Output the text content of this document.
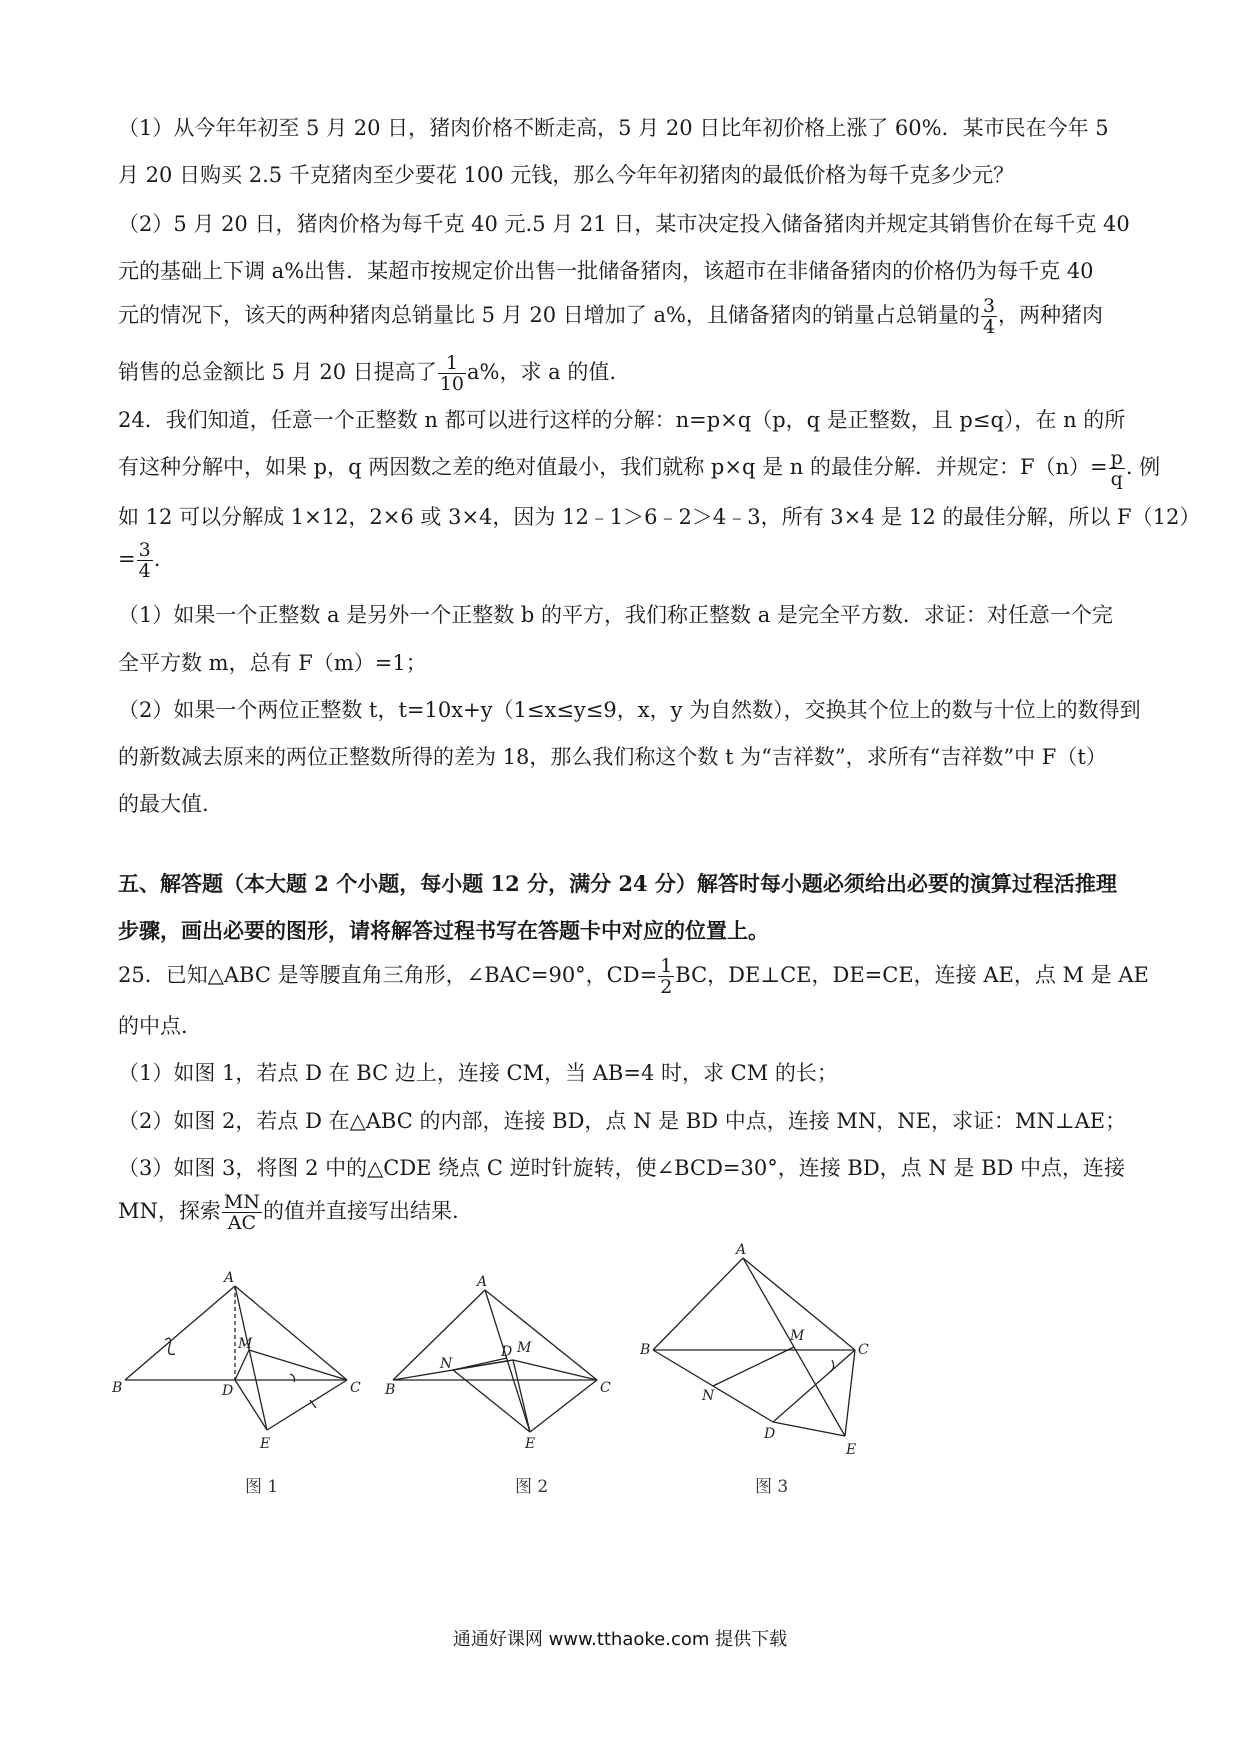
（1）从今年年初至 5 月 20 日，猪肉价格不断走高，5 月 20 日比年初价格上涨了 60%．某市民在今年 5
月 20 日购买 2.5 千克猪肉至少要花 100 元钱，那么今年年初猪肉的最低价格为每千克多少元？
（2）5 月 20 日，猪肉价格为每千克 40 元.5 月 21 日，某市决定投入储备猪肉并规定其销售价在每千克 40
元的基础上下调 a%出售．某超市按规定价出售一批储备猪肉，该超市在非储备猪肉的价格仍为每千克 40
元的情况下，该天的两种猪肉总销量比 5 月 20 日增加了 a%，且储备猪肉的销量占总销量的 $\frac{3}{4}$ ，两种猪肉
销售的总金额比 5 月 20 日提高了 $\frac{1}{10} a\%$，求 a 的值.
24．我们知道，任意一个正整数 n 都可以进行这样的分解：n=p×q（p，q 是正整数，且 p≤q），在 n 的所
有这种分解中，如果 p，q 两因数之差的绝对值最小，我们就称 p×q 是 n 的最佳分解．并规定：$F(n)= \frac{p}{q}$ . 例
如 12 可以分解成 1×12，2×6 或 3×4，因为 12﹣1＞6﹣2＞4﹣3，所有 3×4 是 12 的最佳分解，所以 F（12）
= $\frac{3}{4}$ .
（1）如果一个正整数 a 是另外一个正整数 b 的平方，我们称正整数 a 是完全平方数．求证：对任意一个完
全平方数 m，总有 F（m）=1；
（2）如果一个两位正整数 t，t=10x+y（1≤x≤y≤9，x，y 为自然数），交换其个位上的数与十位上的数得到
的新数减去原来的两位正整数所得的差为 18，那么我们称这个数 t 为“吉祥数”，求所有“吉祥数”中 F（t）
的最大值.
五、解答题（本大题 2 个小题，每小题 12 分，满分 24 分）解答时每小题必须给出必要的演算过程活推理
步骤，画出必要的图形，请将解答过程书写在答题卡中对应的位置上。
25．已知△ABC 是等腰直角三角形，∠BAC=90°，$CD= \frac{1}{2}$ BC，DE⊥CE，DE=CE，连接 AE，点 M 是 AE
的中点．
（1）如图 1，若点 D 在 BC 边上，连接 CM，当 AB=4 时，求 CM 的长；
（2）如图 2，若点 D 在△ABC 的内部，连接 BD，点 N 是 BD 中点，连接 MN，NE，求证：MN⊥AE；
（3）如图 3，将图 2 中的△CDE 绕点 C 逆时针旋转，使∠BCD=30°，连接 BD，点 N 是 BD 中点，连接
MN，探索 $\frac{MN}{AC}$ 的值并直接写出结果.
A
B	C
D
E
M
图 1
A
B	C
D
E
M
N
图 2
A
B	C
D
E
M
N
图 3
通通好课网 www.tthaoke.com 提供下载
